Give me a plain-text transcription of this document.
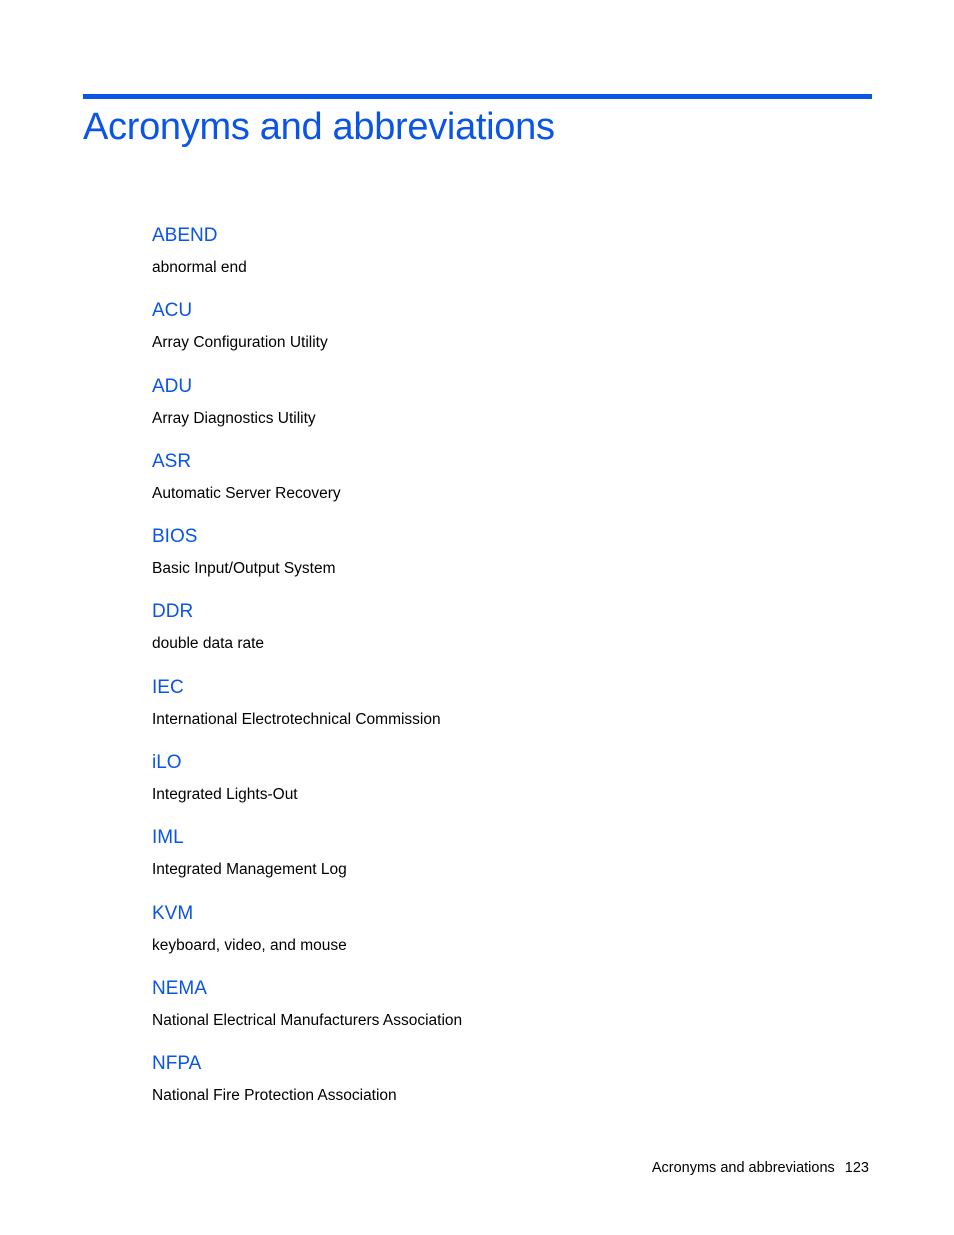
Acronyms and abbreviations
ABEND
abnormal end
ACU
Array Configuration Utility
ADU
Array Diagnostics Utility
ASR
Automatic Server Recovery
BIOS
Basic Input/Output System
DDR
double data rate
IEC
International Electrotechnical Commission
iLO
Integrated Lights-Out
IML
Integrated Management Log
KVM
keyboard, video, and mouse
NEMA
National Electrical Manufacturers Association
NFPA
National Fire Protection Association
Acronyms and abbreviations 123
